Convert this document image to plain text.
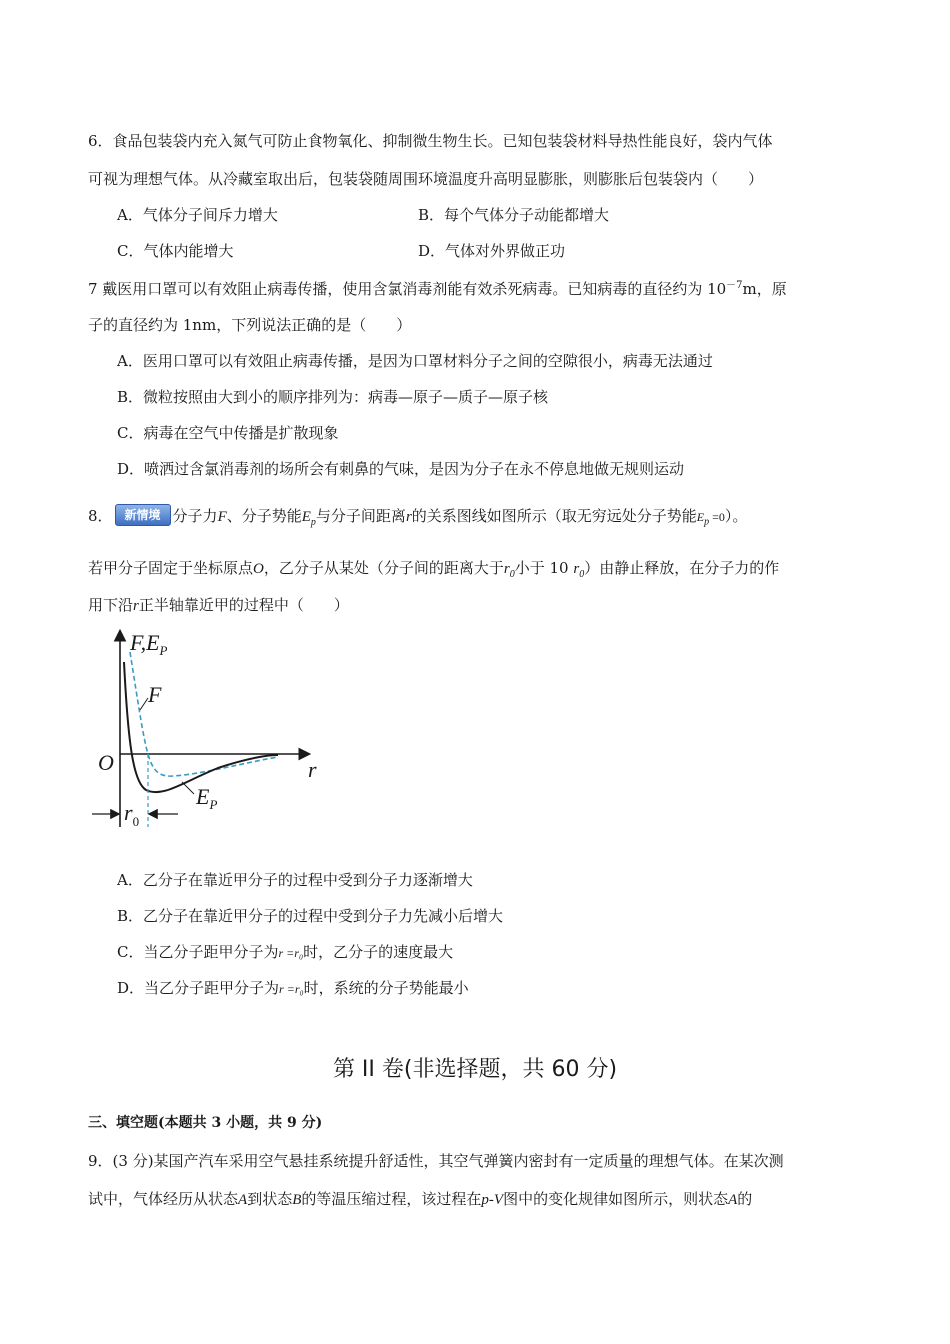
6．食品包装袋内充入氮气可防止食物氧化、抑制微生物生长。已知包装袋材料导热性能良好，袋内气体
可视为理想气体。从冷藏室取出后，包装袋随周围环境温度升高明显膨胀，则膨胀后包装袋内（　　）
A．气体分子间斥力增大	B．每个气体分子动能都增大
C．气体内能增大	D．气体对外界做正功
7 戴医用口罩可以有效阻止病毒传播，使用含氯消毒剂能有效杀死病毒。已知病毒的直径约为 $10^{-7}m$，原
子的直径约为 1nm，下列说法正确的是（　　）
A．医用口罩可以有效阻止病毒传播，是因为口罩材料分子之间的空隙很小，病毒无法通过
B．微粒按照由大到小的顺序排列为：病毒—原子—质子—原子核
C．病毒在空气中传播是扩散现象
D．喷洒过含氯消毒剂的场所会有刺鼻的气味，是因为分子在永不停息地做无规则运动
8． 新情境 分子力F、分子势能$E_p$与分子间距离r的关系图线如图所示（取无穷远处分子势能$E_p =0$）。
若甲分子固定于坐标原点O，乙分子从某处（分子间的距离大于$r_0$小于 10 $r_0$）由静止释放，在分子力的作
用下沿r正半轴靠近甲的过程中（　　）
$F,E_P$
F
O	r
$E_P$
$r_0$
A．乙分子在靠近甲分子的过程中受到分子力逐渐增大
B．乙分子在靠近甲分子的过程中受到分子力先减小后增大
C．当乙分子距甲分子为r =r₀时，乙分子的速度最大
D．当乙分子距甲分子为r =r₀时，系统的分子势能最小
第 II 卷(非选择题，共 60 分)
三、填空题(本题共 3 小题，共 9 分)
9．(3 分)某国产汽车采用空气悬挂系统提升舒适性，其空气弹簧内密封有一定质量的理想气体。在某次测
试中，气体经历从状态A到状态B的等温压缩过程，该过程在p-V图中的变化规律如图所示，则状态A的
